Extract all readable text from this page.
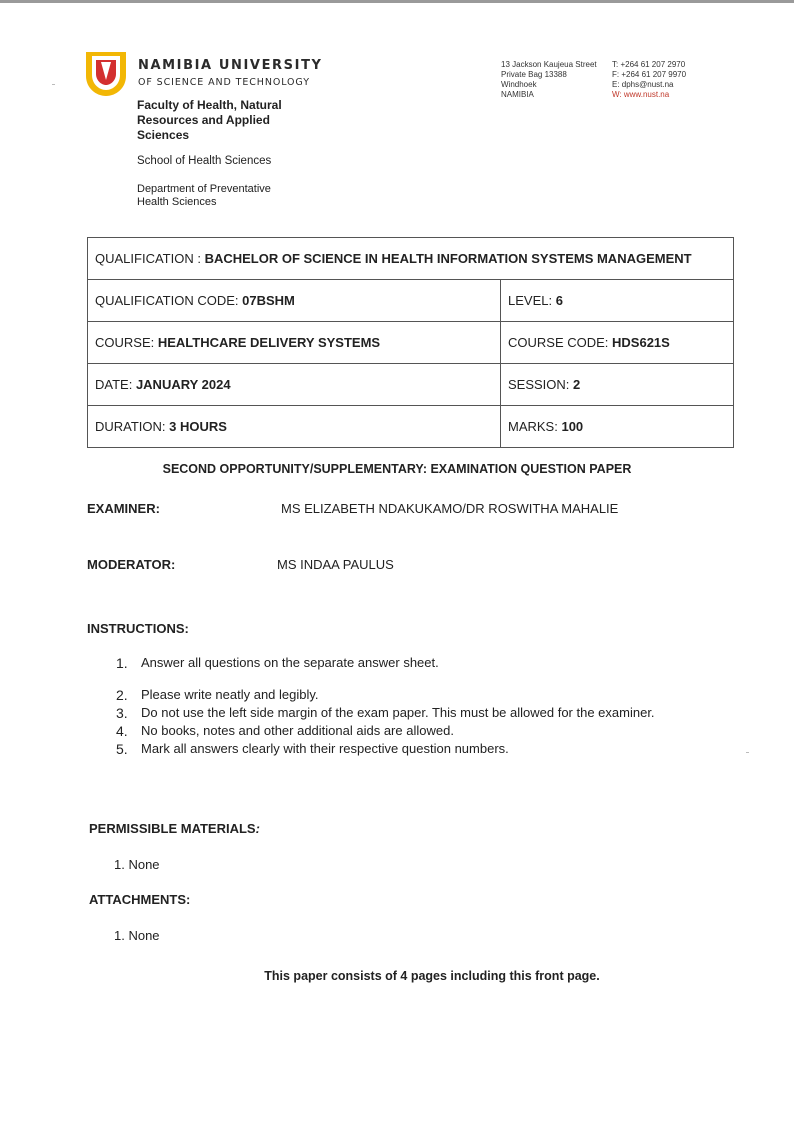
NAMIBIA UNIVERSITY
OF SCIENCE AND TECHNOLOGY
Faculty of Health, Natural Resources and Applied Sciences
School of Health Sciences
Department of Preventative Health Sciences
13 Jackson Kaujeua Street
Private Bag 13388
Windhoek
NAMIBIA
T: +264 61 207 2970
F: +264 61 207 9970
E: dphs@nust.na
W: www.nust.na
QUALIFICATION : BACHELOR OF SCIENCE IN HEALTH INFORMATION SYSTEMS MANAGEMENT	
QUALIFICATION CODE: 07BSHM	LEVEL: 6
COURSE: HEALTHCARE DELIVERY SYSTEMS	COURSE CODE: HDS621S
DATE: JANUARY 2024	SESSION: 2
DURATION: 3 HOURS	MARKS: 100
SECOND OPPORTUNITY/SUPPLEMENTARY: EXAMINATION QUESTION PAPER
EXAMINER:	MS ELIZABETH NDAKUKAMO/DR ROSWITHA MAHALIE
MODERATOR:	MS INDAA PAULUS
INSTRUCTIONS:
1.	Answer all questions on the separate answer sheet.
2.	Please write neatly and legibly.
3.	Do not use the left side margin of the exam paper. This must be allowed for the examiner.
4.	No books, notes and other additional aids are allowed.
5.	Mark all answers clearly with their respective question numbers.
PERMISSIBLE MATERIALS:
1. None
ATTACHMENTS:
1. None
This paper consists of 4 pages including this front page.
